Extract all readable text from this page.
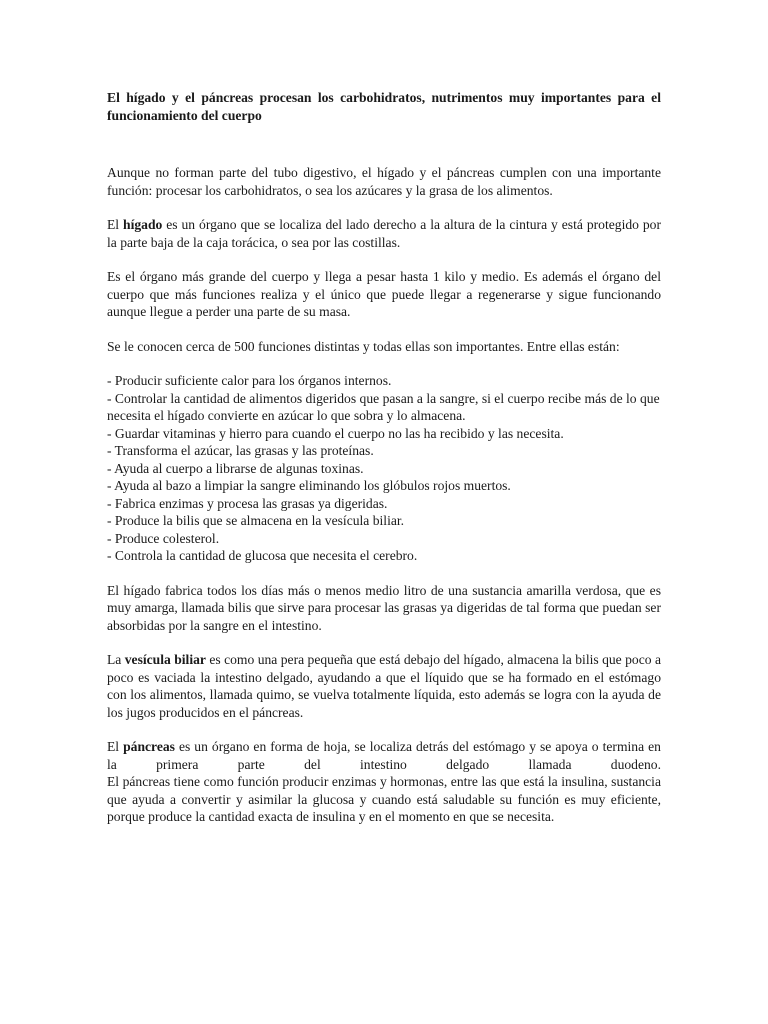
El hígado y el páncreas procesan los carbohidratos, nutrimentos muy importantes para el funcionamiento del cuerpo

Aunque no forman parte del tubo digestivo, el hígado y el páncreas cumplen con una importante función: procesar los carbohidratos, o sea los azúcares y la grasa de los alimentos.

El hígado es un órgano que se localiza del lado derecho a la altura de la cintura y está protegido por la parte baja de la caja torácica, o sea por las costillas.

Es el órgano más grande del cuerpo y llega a pesar hasta 1 kilo y medio. Es además el órgano del cuerpo que más funciones realiza y el único que puede llegar a regenerarse y sigue funcionando aunque llegue a perder una parte de su masa.

Se le conocen cerca de 500 funciones distintas y todas ellas son importantes. Entre ellas están:

- Producir suficiente calor para los órganos internos.
- Controlar la cantidad de alimentos digeridos que pasan a la sangre, si el cuerpo recibe más de lo que necesita el hígado convierte en azúcar lo que sobra y lo almacena.
- Guardar vitaminas y hierro para cuando el cuerpo no las ha recibido y las necesita.
- Transforma el azúcar, las grasas y las proteínas.
- Ayuda al cuerpo a librarse de algunas toxinas.
- Ayuda al bazo a limpiar la sangre eliminando los glóbulos rojos muertos.
- Fabrica enzimas y procesa las grasas ya digeridas.
- Produce la bilis que se almacena en la vesícula biliar.
- Produce colesterol.
- Controla la cantidad de glucosa que necesita el cerebro.

El hígado fabrica todos los días más o menos medio litro de una sustancia amarilla verdosa, que es muy amarga, llamada bilis que sirve para procesar las grasas ya digeridas de tal forma que puedan ser absorbidas por la sangre en el intestino.

La vesícula biliar es como una pera pequeña que está debajo del hígado, almacena la bilis que poco a poco es vaciada la intestino delgado, ayudando a que el líquido que se ha formado en el estómago con los alimentos, llamada quimo, se vuelva totalmente líquida, esto además se logra con la ayuda de los jugos producidos en el páncreas.

El páncreas es un órgano en forma de hoja, se localiza detrás del estómago y se apoya o termina en la primera parte del intestino delgado llamada duodeno.

El páncreas tiene como función producir enzimas y hormonas, entre las que está la insulina, sustancia que ayuda a convertir y asimilar la glucosa y cuando está saludable su función es muy eficiente, porque produce la cantidad exacta de insulina y en el momento en que se necesita.
